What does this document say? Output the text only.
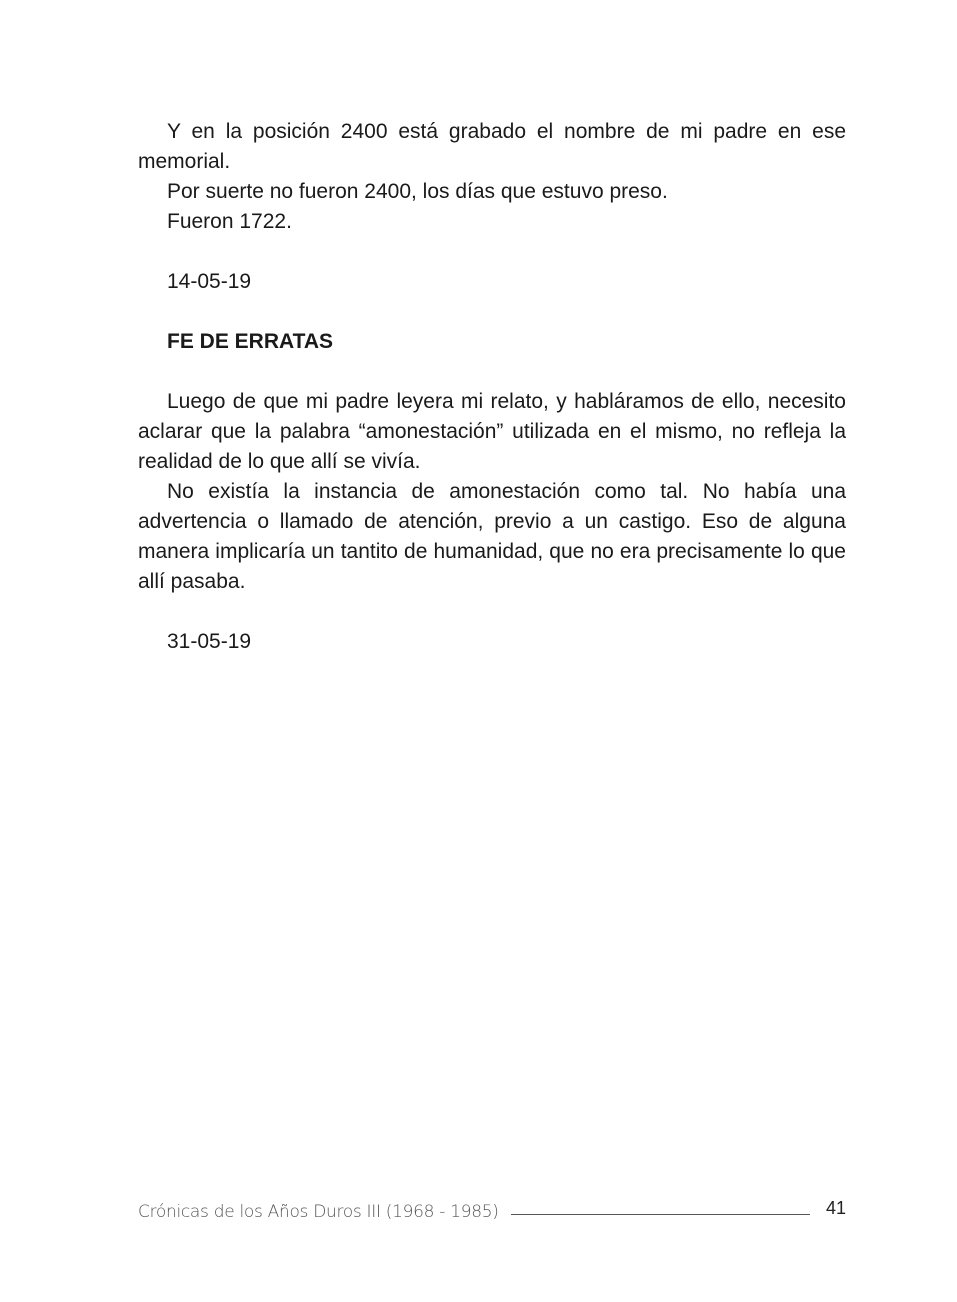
Y en la posición 2400 está grabado el nombre de mi padre en ese memorial.

Por suerte no fueron 2400, los días que estuvo preso.

Fueron 1722.

14-05-19

FE DE ERRATAS

Luego de que mi padre leyera mi relato, y habláramos de ello, necesito aclarar que la palabra “amonestación” utilizada en el mismo, no refleja la realidad de lo que allí se vivía.

No existía la instancia de amonestación como tal. No había una advertencia o llamado de atención, previo a un castigo. Eso de alguna manera implicaría un tantito de humanidad, que no era precisamente lo que allí pasaba.

31-05-19

Crónicas de los Años Duros III (1968 - 1985)	41
